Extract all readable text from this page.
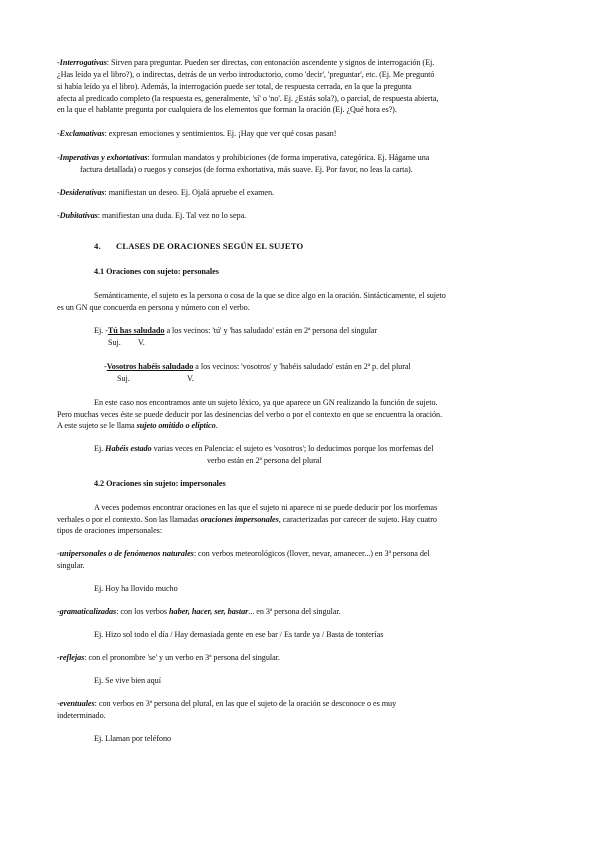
-Interrogativas: Sirven para preguntar. Pueden ser directas, con entonación ascendente y signos de interrogación (Ej.
¿Has leído ya el libro?), o indirectas, detrás de un verbo introductorio, como 'decir', 'preguntar', etc. (Ej. Me preguntó
si había leído ya el libro). Además, la interrogación puede ser total, de respuesta cerrada, en la que la pregunta
afecta al predicado completo (la respuesta es, generalmente, 'sí' o 'no'. Ej. ¿Estás sola?), o parcial, de respuesta abierta,
en la que el hablante pregunta por cualquiera de los elementos que forman la oración (Ej. ¿Qué hora es?).
-Exclamativas: expresan emociones y sentimientos. Ej. ¡Hay que ver qué cosas pasan!
-Imperativas y exhortativas: formulan mandatos y prohibiciones (de forma imperativa, categórica. Ej. Hágame una
factura detallada) o ruegos y consejos (de forma exhortativa, más suave. Ej. Por favor, no leas la carta).
-Desiderativas: manifiestan un deseo. Ej. Ojalá apruebe el examen.
-Dubitativas: manifiestan una duda. Ej. Tal vez no lo sepa.
4. CLASES DE ORACIONES SEGÚN EL SUJETO
4.1 Oraciones con sujeto: personales
Semánticamente, el sujeto es la persona o cosa de la que se dice algo en la oración. Sintácticamente, el sujeto
es un GN que concuerda en persona y número con el verbo.
Ej. -Tú has saludado a los vecinos: 'tú' y 'has saludado' están en 2ª persona del singular
Suj. V.
-Vosotros habéis saludado a los vecinos: 'vosotros' y 'habéis saludado' están en 2ª p. del plural
Suj.	V.
En este caso nos encontramos ante un sujeto léxico, ya que aparece un GN realizando la función de sujeto.
Pero muchas veces éste se puede deducir por las desinencias del verbo o por el contexto en que se encuentra la oración.
A este sujeto se le llama sujeto omitido o elíptico.
Ej. Habéis estado varias veces en Palencia: el sujeto es 'vosotros'; lo deducimos porque los morfemas del
verbo están en 2ª persona del plural
4.2 Oraciones sin sujeto: impersonales
A veces podemos encontrar oraciones en las que el sujeto ni aparece ni se puede deducir por los morfemas
verbales o por el contexto. Son las llamadas oraciones impersonales, caracterizadas por carecer de sujeto. Hay cuatro
tipos de oraciones impersonales:
-unipersonales o de fenómenos naturales: con verbos meteorológicos (llover, nevar, amanecer...) en 3ª persona del
singular.
Ej. Hoy ha llovido mucho
-gramaticalizadas: con los verbos haber, hacer, ser, bastar... en 3ª persona del singular.
Ej. Hizo sol todo el día / Hay demasiada gente en ese bar / Es tarde ya / Basta de tonterías
-reflejas: con el pronombre 'se' y un verbo en 3ª persona del singular.
Ej. Se vive bien aquí
-eventuales: con verbos en 3ª persona del plural, en las que el sujeto de la oración se desconoce o es muy
indeterminado.
Ej. Llaman por teléfono
